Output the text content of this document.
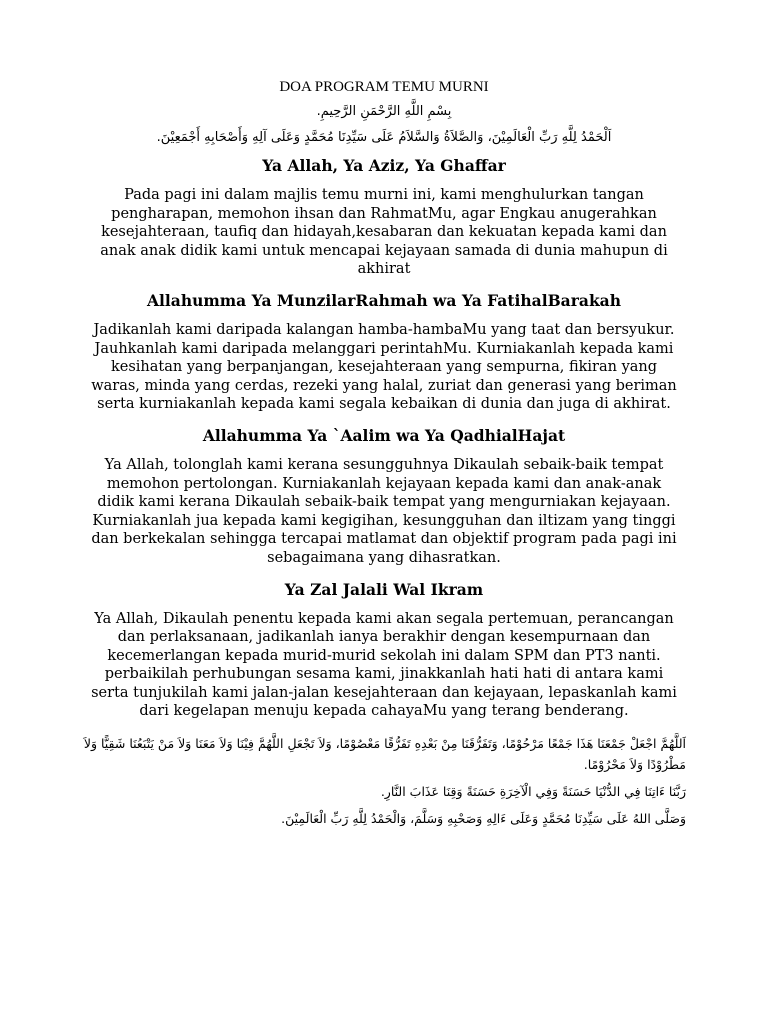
DOA PROGRAM TEMU MURNI
بِسْمِ اللَّهِ الرَّحْمَنِ الرَّحِيمِ.
اَلْحَمْدُ لِلَّهِ رَبِّ الْعَالَمِيْنَ، وَالصَّلاَةُ وَالسَّلاَمُ عَلَى سَيِّدِنَا مُحَمَّدٍ وَعَلَى آلِهِ وَأَصْحَابِهِ أَجْمَعِيْنَ.
Ya Allah, Ya Aziz, Ya Ghaffar
Pada pagi ini dalam majlis temu murni ini, kami menghulurkan tangan pengharapan, memohon ihsan dan RahmatMu, agar Engkau anugerahkan kesejahteraan, taufiq dan hidayah,kesabaran dan kekuatan kepada kami dan anak anak didik kami untuk mencapai kejayaan samada di dunia mahupun di akhirat
Allahumma Ya MunzilarRahmah wa Ya FatihalBarakah
Jadikanlah kami daripada kalangan hamba-hambaMu yang taat dan bersyukur. Jauhkanlah kami daripada melanggari perintahMu. Kurniakanlah kepada kami kesihatan yang berpanjangan, kesejahteraan yang sempurna, fikiran yang waras, minda yang cerdas, rezeki yang halal, zuriat dan generasi yang beriman serta kurniakanlah kepada kami segala kebaikan di dunia dan juga di akhirat.
Allahumma Ya `Aalim wa Ya QadhialHajat
Ya Allah, tolonglah kami kerana sesungguhnya Dikaulah sebaik-baik tempat memohon pertolongan. Kurniakanlah kejayaan kepada kami dan anak-anak didik kami kerana Dikaulah sebaik-baik tempat yang mengurniakan kejayaan. Kurniakanlah jua kepada kami kegigihan, kesungguhan dan iltizam yang tinggi dan berkekalan sehingga tercapai matlamat dan objektif program pada pagi ini sebagaimana yang dihasratkan.
Ya Zal Jalali Wal Ikram
Ya Allah, Dikaulah penentu kepada kami akan segala pertemuan, perancangan dan perlaksanaan, jadikanlah ianya berakhir dengan kesempurnaan dan kecemerlangan kepada murid-murid sekolah ini dalam SPM dan PT3 nanti. perbaikilah perhubungan sesama kami, jinakkanlah hati hati di antara kami serta tunjukilah kami jalan-jalan kesejahteraan dan kejayaan, lepaskanlah kami dari kegelapan menuju kepada cahayaMu yang terang benderang.
اَللَّهُمَّ اجْعَلْ جَمْعَنَا هَذَا جَمْعًا مَرْحُوْمًا، وَتَفَرُّقَنَا مِنْ بَعْدِهِ تَفَرُّقًا مَعْصُوْمًا، وَلاَ تَجْعَلِ اللَّهُمَّ فِيْنَا وَلاَ مَعَنَا وَلاَ مَنْ يَتْبَعُنَا شَقِيًّا وَلاَ مَطْرُوْدًا وَلاَ مَحْرُوْمًا.
رَبَّنَا ءَاتِنَا فِي الدُّنْيَا حَسَنَةً وَفِي الْآخِرَةِ حَسَنَةً وَقِنَا عَذَابَ النَّارِ.
وَصَلَّى اللهُ عَلَى سَيِّدِنَا مُحَمَّدٍ وَعَلَى ءَالِهِ وَصَحْبِهِ وَسَلَّمَ، وَالْحَمْدُ لِلَّهِ رَبِّ الْعَالَمِيْنَ.
